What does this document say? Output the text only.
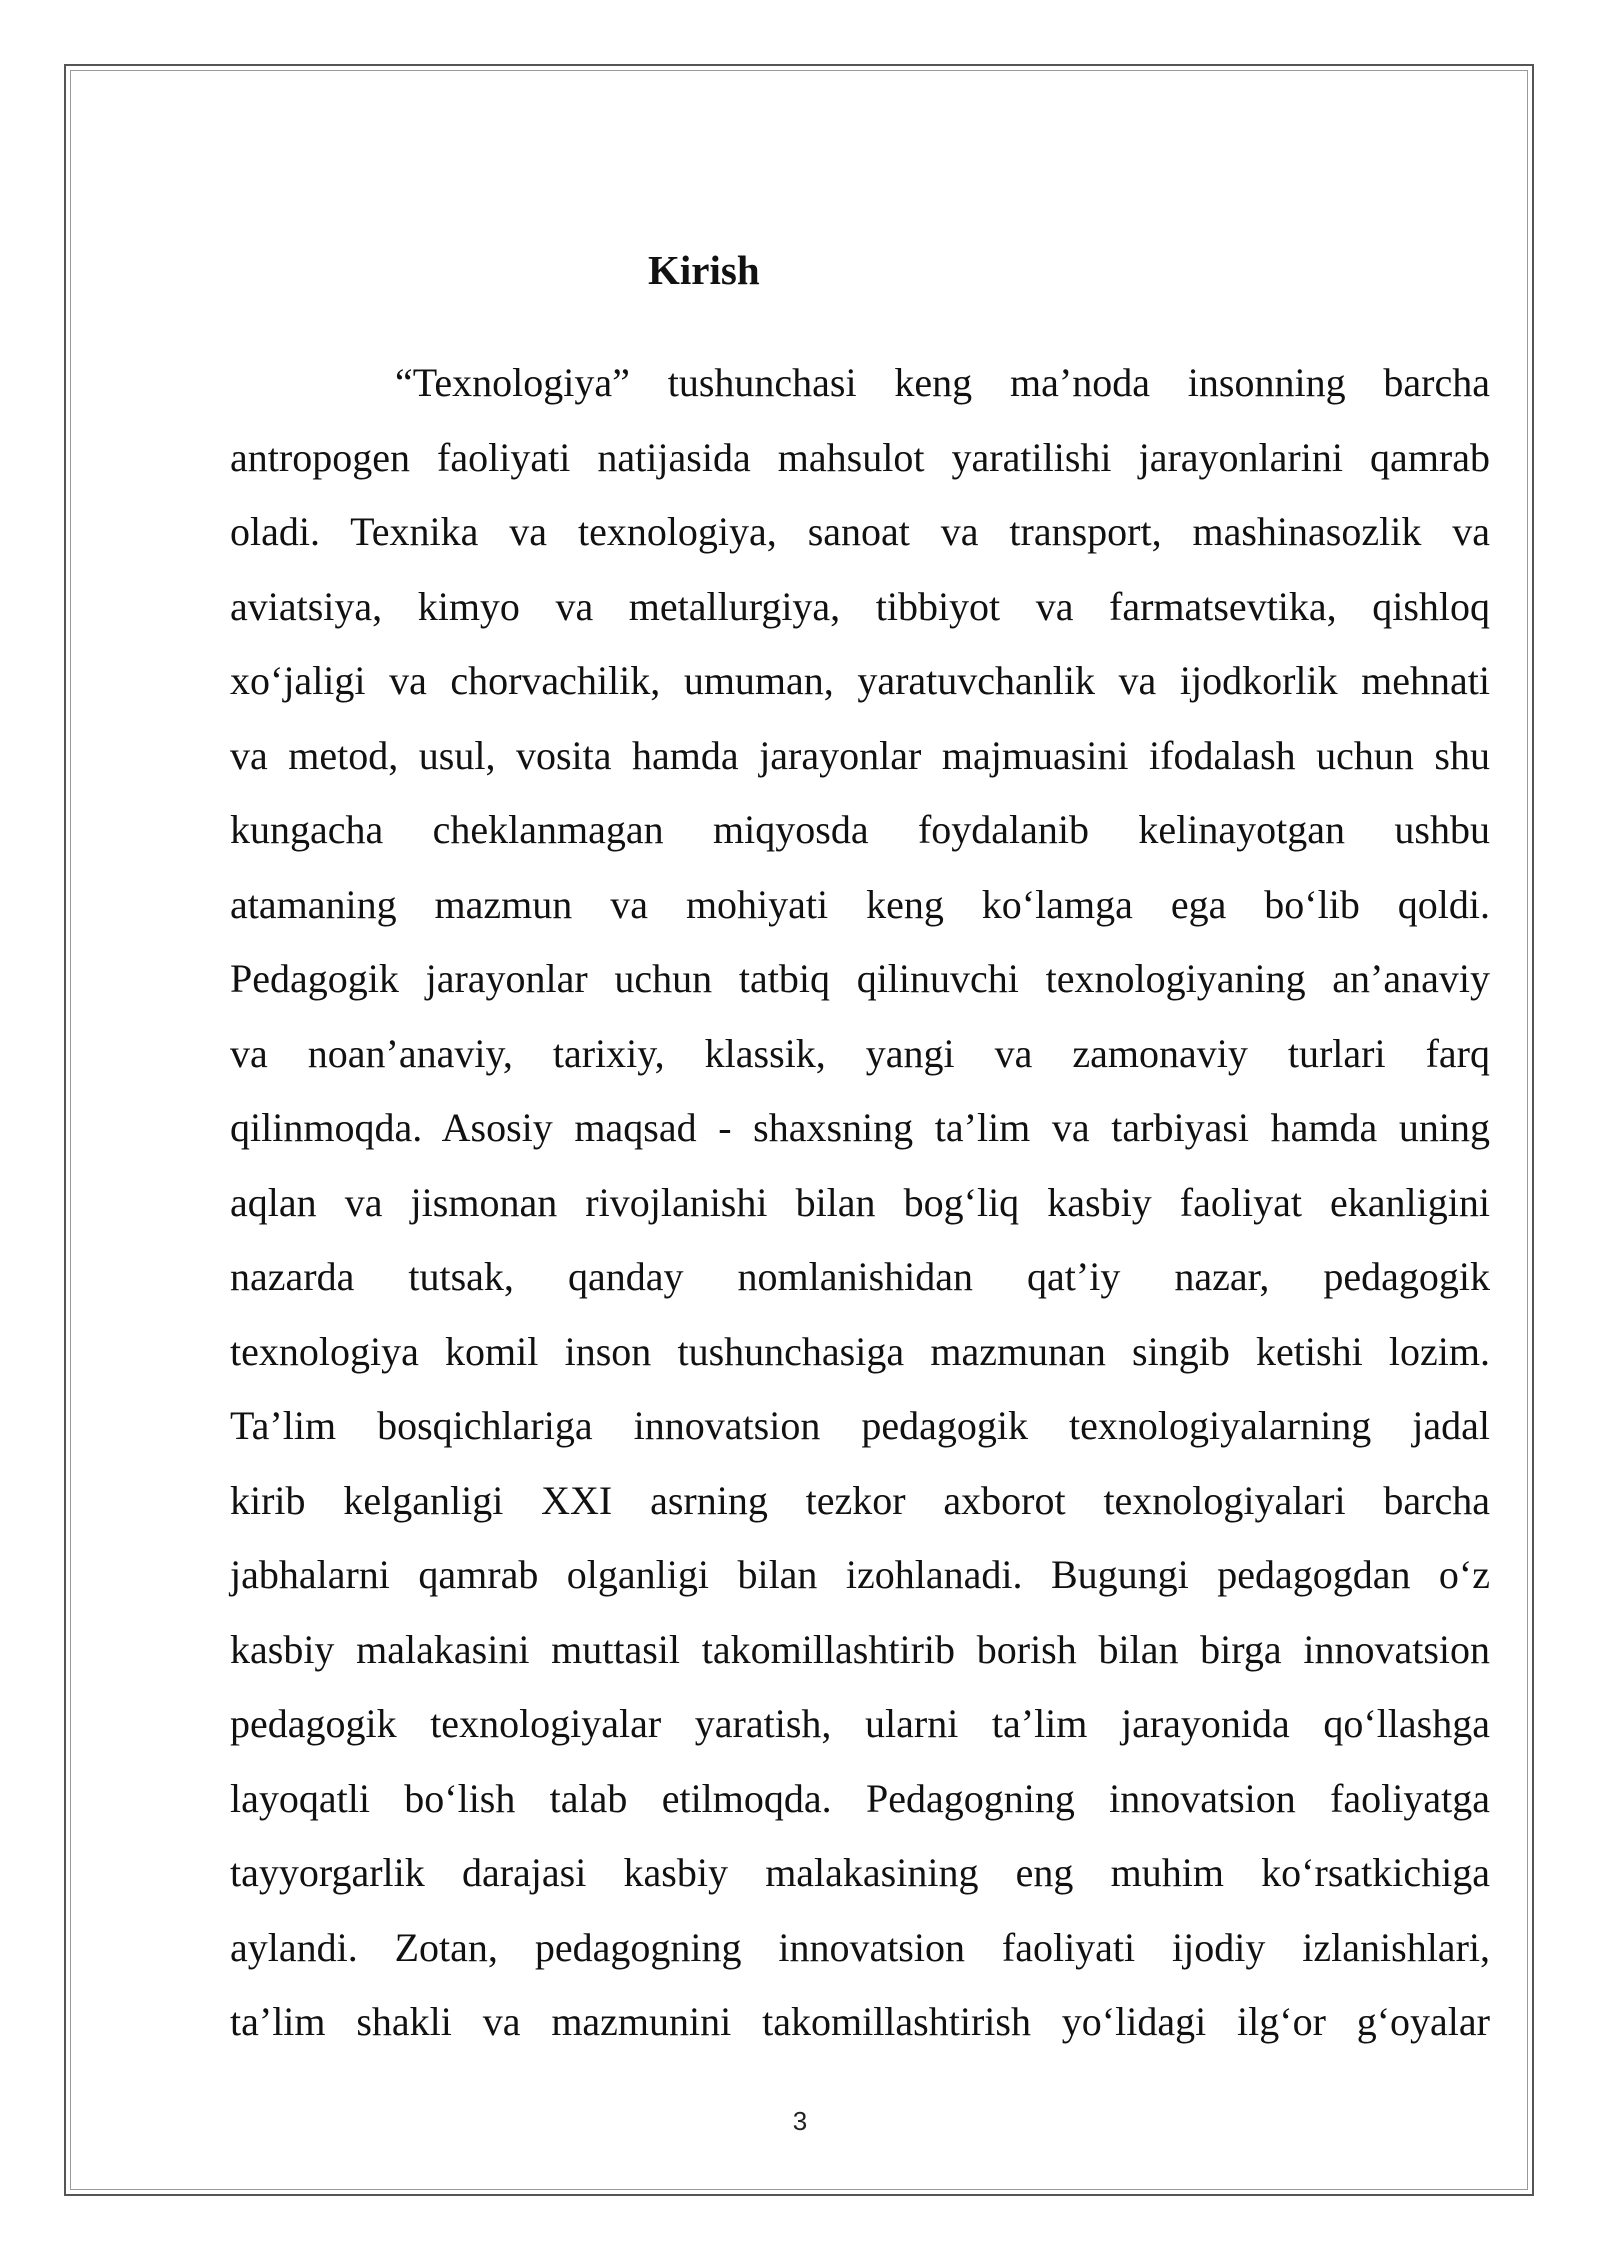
Kirish
“Texnologiya” tushunchasi keng ma’noda insonning barcha
antropogen faoliyati natijasida mahsulot yaratilishi jarayonlarini qamrab
oladi. Texnika va texnologiya, sanoat va transport, mashinasozlik va
aviatsiya, kimyo va metallurgiya, tibbiyot va farmatsevtika, qishloq
xo‘jaligi va chorvachilik, umuman, yaratuvchanlik va ijodkorlik mehnati
va metod, usul, vosita hamda jarayonlar majmuasini ifodalash uchun shu
kungacha cheklanmagan miqyosda foydalanib kelinayotgan ushbu
atamaning mazmun va mohiyati keng ko‘lamga ega bo‘lib qoldi.
Pedagogik jarayonlar uchun tatbiq qilinuvchi texnologiyaning an’anaviy
va noan’anaviy, tarixiy, klassik, yangi va zamonaviy turlari farq
qilinmoqda. Asosiy maqsad - shaxsning ta’lim va tarbiyasi hamda uning
aqlan va jismonan rivojlanishi bilan bog‘liq kasbiy faoliyat ekanligini
nazarda tutsak, qanday nomlanishidan qat’iy nazar, pedagogik
texnologiya komil inson tushunchasiga mazmunan singib ketishi lozim.
Ta’lim bosqichlariga innovatsion pedagogik texnologiyalarning jadal
kirib kelganligi XXI asrning tezkor axborot texnologiyalari barcha
jabhalarni qamrab olganligi bilan izohlanadi. Bugungi pedagogdan o‘z
kasbiy malakasini muttasil takomillashtirib borish bilan birga innovatsion
pedagogik texnologiyalar yaratish, ularni ta’lim jarayonida qo‘llashga
layoqatli bo‘lish talab etilmoqda. Pedagogning innovatsion faoliyatga
tayyorgarlik darajasi kasbiy malakasining eng muhim ko‘rsatkichiga
aylandi. Zotan, pedagogning innovatsion faoliyati ijodiy izlanishlari,
ta’lim shakli va mazmunini takomillashtirish yo‘lidagi ilg‘or g‘oyalar
3
